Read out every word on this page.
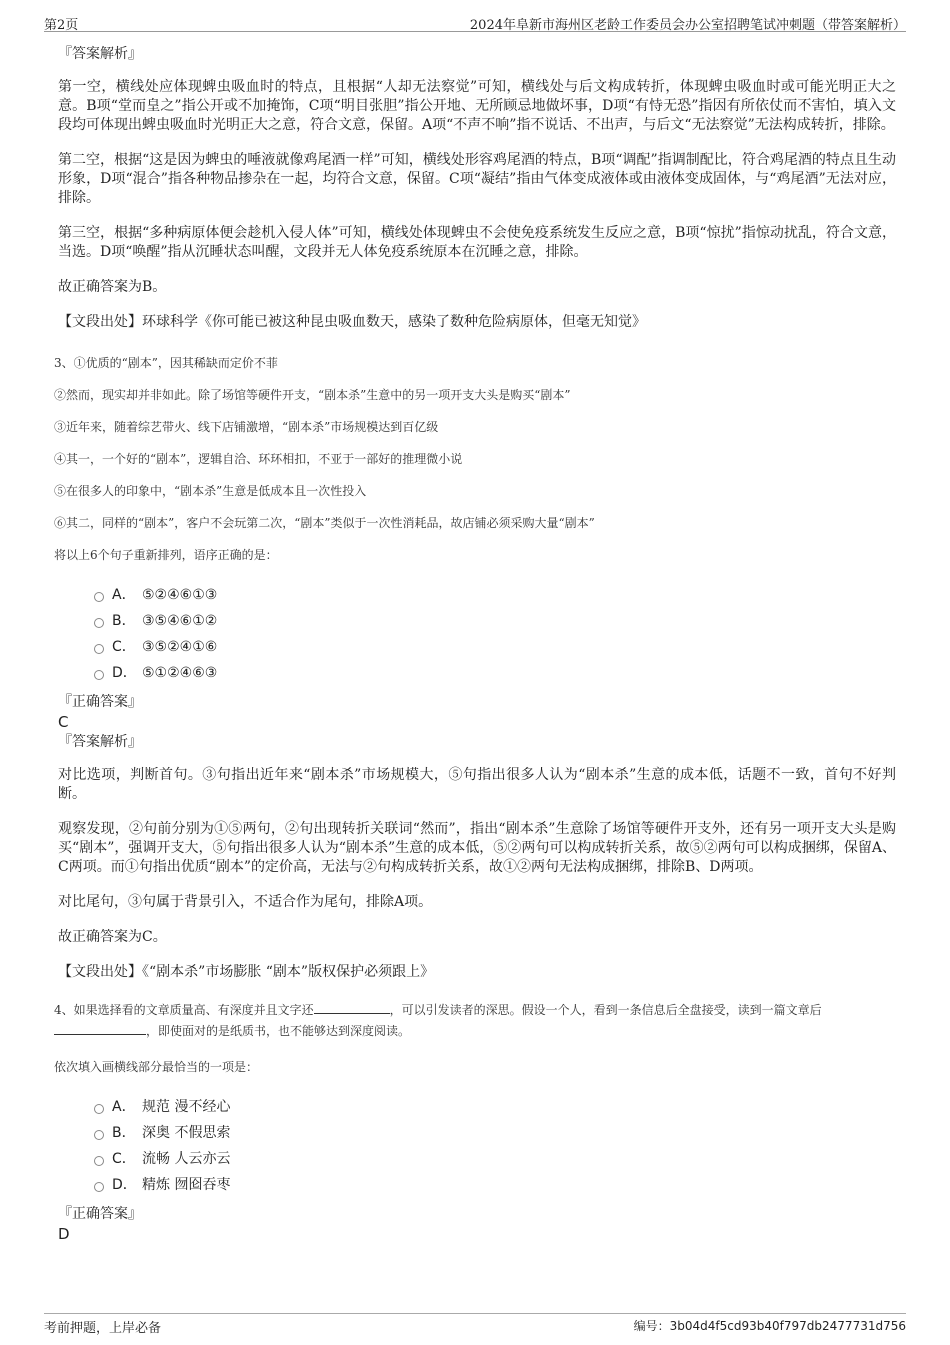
第2页	2024年阜新市海州区老龄工作委员会办公室招聘笔试冲刺题（带答案解析）
『答案解析』
第一空，横线处应体现蜱虫吸血时的特点，且根据“人却无法察觉”可知，横线处与后文构成转折，体现蜱虫吸血时或可能光明正大之意。B项“堂而皇之”指公开或不加掩饰，C项“明目张胆”指公开地、无所顾忌地做坏事，D项“有恃无恐”指因有所依仗而不害怕，填入文段均可体现出蜱虫吸血时光明正大之意，符合文意，保留。A项“不声不响”指不说话、不出声，与后文“无法察觉”无法构成转折，排除。
第二空，根据“这是因为蜱虫的唾液就像鸡尾酒一样”可知，横线处形容鸡尾酒的特点，B项“调配”指调制配比，符合鸡尾酒的特点且生动形象，D项“混合”指各种物品掺杂在一起，均符合文意，保留。C项“凝结”指由气体变成液体或由液体变成固体，与“鸡尾酒”无法对应，排除。
第三空，根据“多种病原体便会趁机入侵人体”可知，横线处体现蜱虫不会使免疫系统发生反应之意，B项“惊扰”指惊动扰乱，符合文意，当选。D项“唤醒”指从沉睡状态叫醒，文段并无人体免疫系统原本在沉睡之意，排除。
故正确答案为B。
【文段出处】环球科学《你可能已被这种昆虫吸血数天，感染了数种危险病原体，但毫无知觉》
3、①优质的“剧本”，因其稀缺而定价不菲
②然而，现实却并非如此。除了场馆等硬件开支，“剧本杀”生意中的另一项开支大头是购买“剧本”
③近年来，随着综艺带火、线下店铺激增，“剧本杀”市场规模达到百亿级
④其一，一个好的“剧本”，逻辑自洽、环环相扣，不亚于一部好的推理微小说
⑤在很多人的印象中，“剧本杀”生意是低成本且一次性投入
⑥其二，同样的“剧本”，客户不会玩第二次，“剧本”类似于一次性消耗品，故店铺必须采购大量“剧本”
将以上6个句子重新排列，语序正确的是：
A． ⑤②④⑥①③
B． ③⑤④⑥①②
C． ③⑤②④①⑥
D． ⑤①②④⑥③
『正确答案』
C
『答案解析』
对比选项，判断首句。③句指出近年来“剧本杀”市场规模大，⑤句指出很多人认为“剧本杀”生意的成本低，话题不一致，首句不好判断。
观察发现，②句前分别为①⑤两句，②句出现转折关联词“然而”，指出“剧本杀”生意除了场馆等硬件开支外，还有另一项开支大头是购买“剧本”，强调开支大，⑤句指出很多人认为“剧本杀”生意的成本低，⑤②两句可以构成转折关系，故⑤②两句可以构成捆绑，保留A、C两项。而①句指出优质“剧本”的定价高，无法与②句构成转折关系，故①②两句无法构成捆绑，排除B、D两项。
对比尾句，③句属于背景引入，不适合作为尾句，排除A项。
故正确答案为C。
【文段出处】《“剧本杀”市场膨胀 “剧本”版权保护必须跟上》
4、如果选择看的文章质量高、有深度并且文字还	，可以引发读者的深思。假设一个人，看到一条信息后全盘接受，读到一篇文章后，即使面对的是纸质书，也不能够达到深度阅读。
依次填入画横线部分最恰当的一项是：
A． 规范 漫不经心
B． 深奥 不假思索
C． 流畅 人云亦云
D． 精炼 囫囵吞枣
『正确答案』
D
考前押题，上岸必备	编号：3b04d4f5cd93b40f797db2477731d756
